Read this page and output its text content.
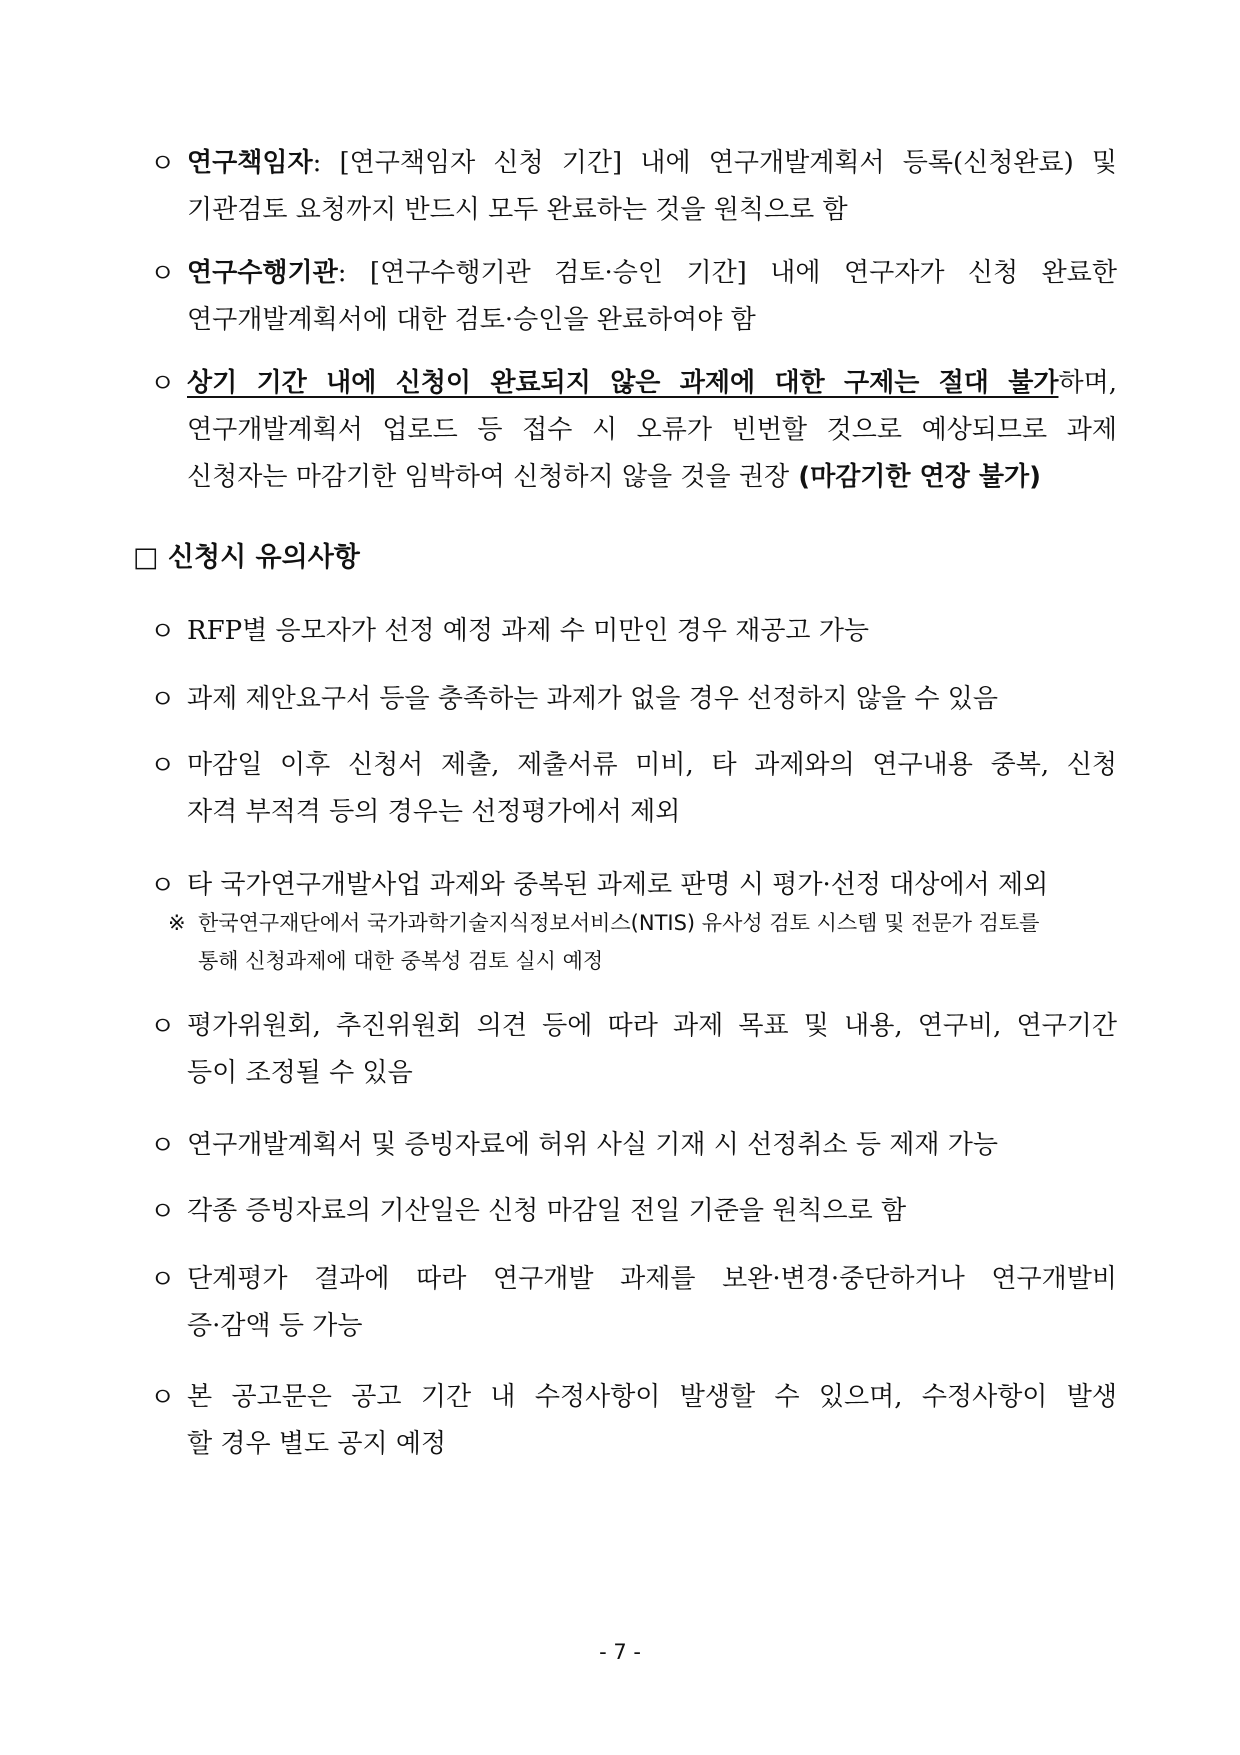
ㅇ 연구책임자: [연구책임자 신청 기간] 내에 연구개발계획서 등록(신청완료) 및
기관검토 요청까지 반드시 모두 완료하는 것을 원칙으로 함
ㅇ 연구수행기관: [연구수행기관 검토·승인 기간] 내에 연구자가 신청 완료한
연구개발계획서에 대한 검토·승인을 완료하여야 함
ㅇ 상기 기간 내에 신청이 완료되지 않은 과제에 대한 구제는 절대 불가하며,
연구개발계획서 업로드 등 접수 시 오류가 빈번할 것으로 예상되므로 과제
신청자는 마감기한 임박하여 신청하지 않을 것을 권장 (마감기한 연장 불가)
□ 신청시 유의사항
ㅇ RFP별 응모자가 선정 예정 과제 수 미만인 경우 재공고 가능
ㅇ 과제 제안요구서 등을 충족하는 과제가 없을 경우 선정하지 않을 수 있음
ㅇ 마감일 이후 신청서 제출, 제출서류 미비, 타 과제와의 연구내용 중복, 신청
자격 부적격 등의 경우는 선정평가에서 제외
ㅇ 타 국가연구개발사업 과제와 중복된 과제로 판명 시 평가·선정 대상에서 제외
ㅇ 평가위원회, 추진위원회 의견 등에 따라 과제 목표 및 내용, 연구비, 연구기간
등이 조정될 수 있음
ㅇ 연구개발계획서 및 증빙자료에 허위 사실 기재 시 선정취소 등 제재 가능
ㅇ 각종 증빙자료의 기산일은 신청 마감일 전일 기준을 원칙으로 함
ㅇ 단계평가 결과에 따라 연구개발 과제를 보완·변경·중단하거나 연구개발비
증·감액 등 가능
ㅇ 본 공고문은 공고 기간 내 수정사항이 발생할 수 있으며, 수정사항이 발생
할 경우 별도 공지 예정
※ 한국연구재단에서 국가과학기술지식정보서비스(NTIS) 유사성 검토 시스템 및 전문가 검토를
통해 신청과제에 대한 중복성 검토 실시 예정
- 7 -
